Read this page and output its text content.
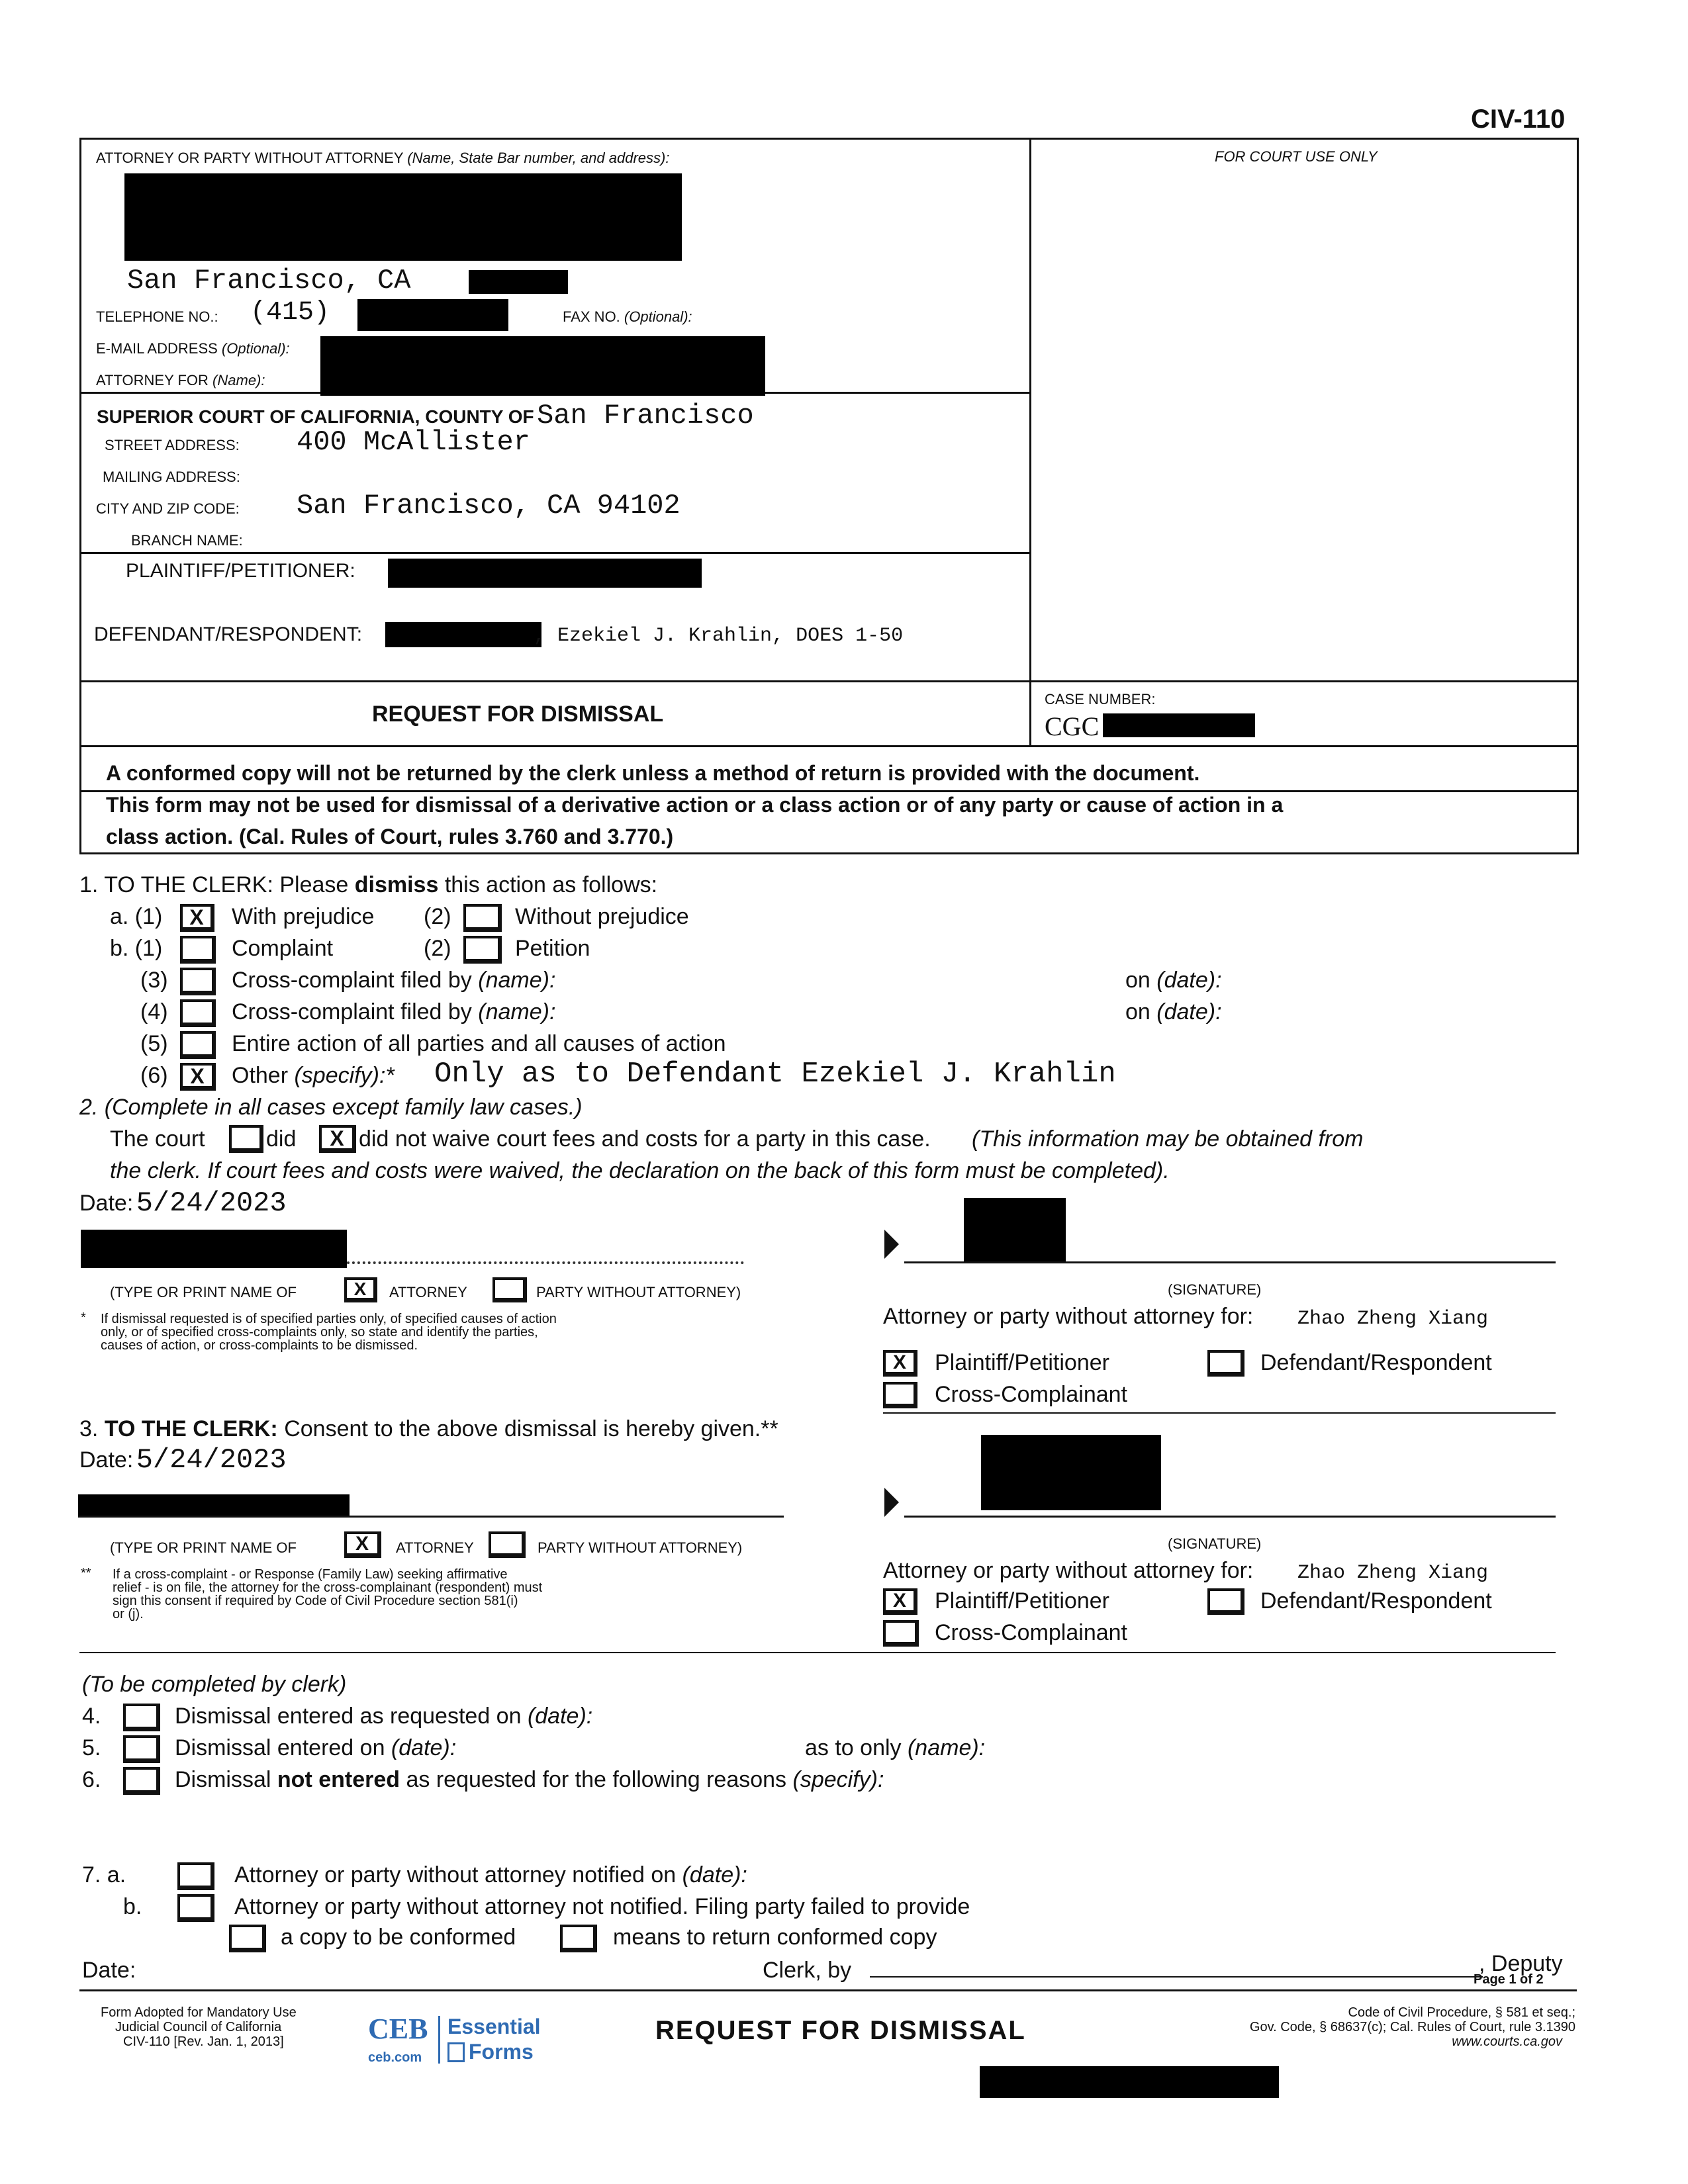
CIV-110
ATTORNEY OR PARTY WITHOUT ATTORNEY (Name, State Bar number, and address):	FOR COURT USE ONLY
San Francisco, CA
TELEPHONE NO.: (415)	FAX NO. (Optional):
E-MAIL ADDRESS (Optional):
ATTORNEY FOR (Name):
SUPERIOR COURT OF CALIFORNIA, COUNTY OF San Francisco
STREET ADDRESS: 400 McAllister
MAILING ADDRESS:
CITY AND ZIP CODE: San Francisco, CA 94102
BRANCH NAME:
PLAINTIFF/PETITIONER:
DEFENDANT/RESPONDENT:	, Ezekiel J. Krahlin, DOES 1-50
REQUEST FOR DISMISSAL
CASE NUMBER:
CGC
A conformed copy will not be returned by the clerk unless a method of return is provided with the document.
This form may not be used for dismissal of a derivative action or a class action or of any party or cause of action in a
class action. (Cal. Rules of Court, rules 3.760 and 3.770.)
1. TO THE CLERK: Please dismiss this action as follows:
a. (1)	X	With prejudice (2)	Without prejudice
b. (1)	Complaint	(2)	Petition
(3)	Cross-complaint filed by (name):	on (date):
(4)	Cross-complaint filed by (name):	on (date):
(5)	Entire action of all parties and all causes of action
(6)	X	Other (specify):* Only as to Defendant Ezekiel J. Krahlin
2. (Complete in all cases except family law cases.)
The court	did	X did not waive court fees and costs for a party in this case. (This information may be obtained from
the clerk. If court fees and costs were waived, the declaration on the back of this form must be completed).
Date: 5/24/2023
(TYPE OR PRINT NAME OF	X	ATTORNEY	PARTY WITHOUT ATTORNEY)	(SIGNATURE)
* If dismissal requested is of specified parties only, of specified causes of action
only, or of specified cross-complaints only, so state and identify the parties,
causes of action, or cross-complaints to be dismissed.
Attorney or party without attorney for: Zhao Zheng Xiang
X	Plaintiff/Petitioner	Defendant/Respondent
Cross-Complainant
3. TO THE CLERK: Consent to the above dismissal is hereby given.**
Date: 5/24/2023
(TYPE OR PRINT NAME OF	X	ATTORNEY	PARTY WITHOUT ATTORNEY)	(SIGNATURE)
** If a cross-complaint - or Response (Family Law) seeking affirmative
relief - is on file, the attorney for the cross-complainant (respondent) must
sign this consent if required by Code of Civil Procedure section 581(i)
or (j).
Attorney or party without attorney for: Zhao Zheng Xiang
X	Plaintiff/Petitioner	Defendant/Respondent
Cross-Complainant
(To be completed by clerk)
4.	Dismissal entered as requested on (date):
5.	Dismissal entered on (date):	as to only (name):
6.	Dismissal not entered as requested for the following reasons (specify):
7. a.	Attorney or party without attorney notified on (date):
b.	Attorney or party without attorney not notified. Filing party failed to provide
a copy to be conformed	means to return conformed copy
Date:	Clerk, by	, Deputy
Page 1 of 2
Form Adopted for Mandatory Use
Judicial Council of California
CIV-110 [Rev. Jan. 1, 2013]	CEB
ceb.com
Essential
Forms
REQUEST FOR DISMISSAL
Code of Civil Procedure, § 581 et seq.;
Gov. Code, § 68637(c); Cal. Rules of Court, rule 3.1390
www.courts.ca.gov
